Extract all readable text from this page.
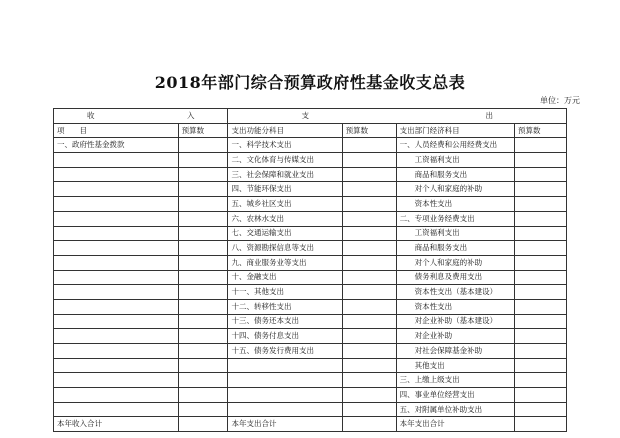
2018年部门综合预算政府性基金收支总表
单位：万元
收 入		支 出			

项　　目	预算数	支出功能分科目	预算数	支出部门经济科目	预算数
一、政府性基金拨款		一、科学技术支出		一、人员经费和公用经费支出	
		二、文化体育与传媒支出		工资福利支出	
		三、社会保障和就业支出		商品和服务支出	
		四、节能环保支出		对个人和家庭的补助	
		五、城乡社区支出		资本性支出	
		六、农林水支出		二、专项业务经费支出	
		七、交通运输支出		工资福利支出	
		八、资源勘探信息等支出		商品和服务支出	
		九、商业服务业等支出		对个人和家庭的补助	
		十、金融支出		债务利息及费用支出	
		十一、其他支出		资本性支出（基本建设）	
		十二、转移性支出		资本性支出	
		十三、债务还本支出		对企业补助（基本建设）	
		十四、债务付息支出		对企业补助	
		十五、债务发行费用支出		对社会保障基金补助	
				其他支出	
				三、上缴上级支出	
				四、事业单位经营支出	
				五、对附属单位补助支出	
本年收入合计		本年支出合计		本年支出合计	
